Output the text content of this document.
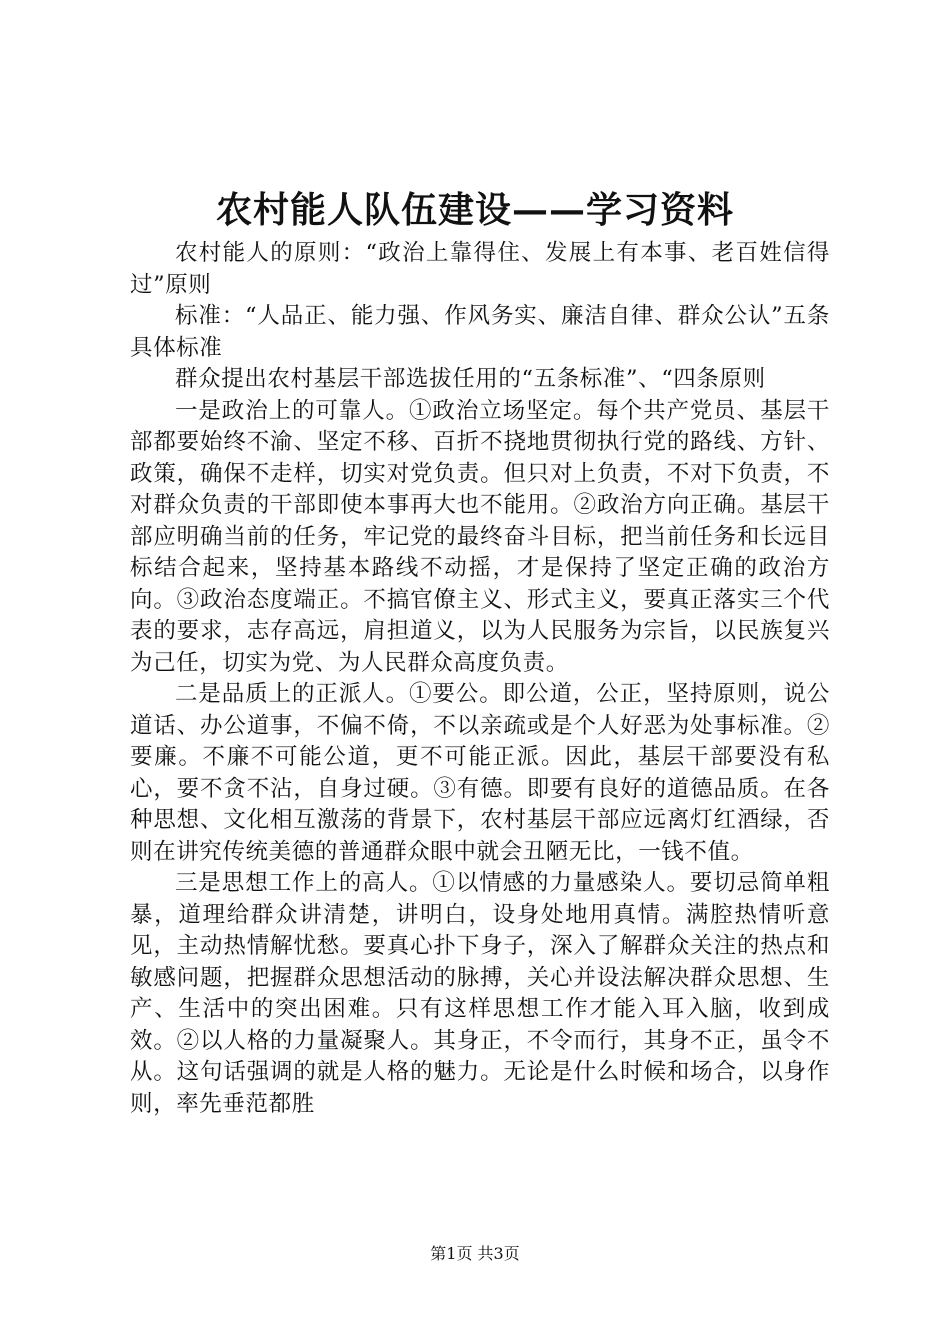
农村能人队伍建设——学习资料

农村能人的原则：“政治上靠得住、发展上有本事、老百姓信得过”原则

标准：“人品正、能力强、作风务实、廉洁自律、群众公认”五条具体标准

群众提出农村基层干部选拔任用的“五条标准”、“四条原则

一是政治上的可靠人。①政治立场坚定。每个共产党员、基层干部都要始终不渝、坚定不移、百折不挠地贯彻执行党的路线、方针、政策，确保不走样，切实对党负责。但只对上负责，不对下负责，不对群众负责的干部即使本事再大也不能用。②政治方向正确。基层干部应明确当前的任务，牢记党的最终奋斗目标，把当前任务和长远目标结合起来，坚持基本路线不动摇，才是保持了坚定正确的政治方向。③政治态度端正。不搞官僚主义、形式主义，要真正落实三个代表的要求，志存高远，肩担道义，以为人民服务为宗旨，以民族复兴为己任，切实为党、为人民群众高度负责。

二是品质上的正派人。①要公。即公道，公正，坚持原则，说公道话、办公道事，不偏不倚，不以亲疏或是个人好恶为处事标准。②要廉。不廉不可能公道，更不可能正派。因此，基层干部要没有私心，要不贪不沾，自身过硬。③有德。即要有良好的道德品质。在各种思想、文化相互激荡的背景下，农村基层干部应远离灯红酒绿，否则在讲究传统美德的普通群众眼中就会丑陋无比，一钱不值。

三是思想工作上的高人。①以情感的力量感染人。要切忌简单粗暴，道理给群众讲清楚，讲明白，设身处地用真情。满腔热情听意见，主动热情解忧愁。要真心扑下身子，深入了解群众关注的热点和敏感问题，把握群众思想活动的脉搏，关心并设法解决群众思想、生产、生活中的突出困难。只有这样思想工作才能入耳入脑，收到成效。②以人格的力量凝聚人。其身正，不令而行，其身不正，虽令不从。这句话强调的就是人格的魅力。无论是什么时候和场合，以身作则，率先垂范都胜

第1页 共3页
